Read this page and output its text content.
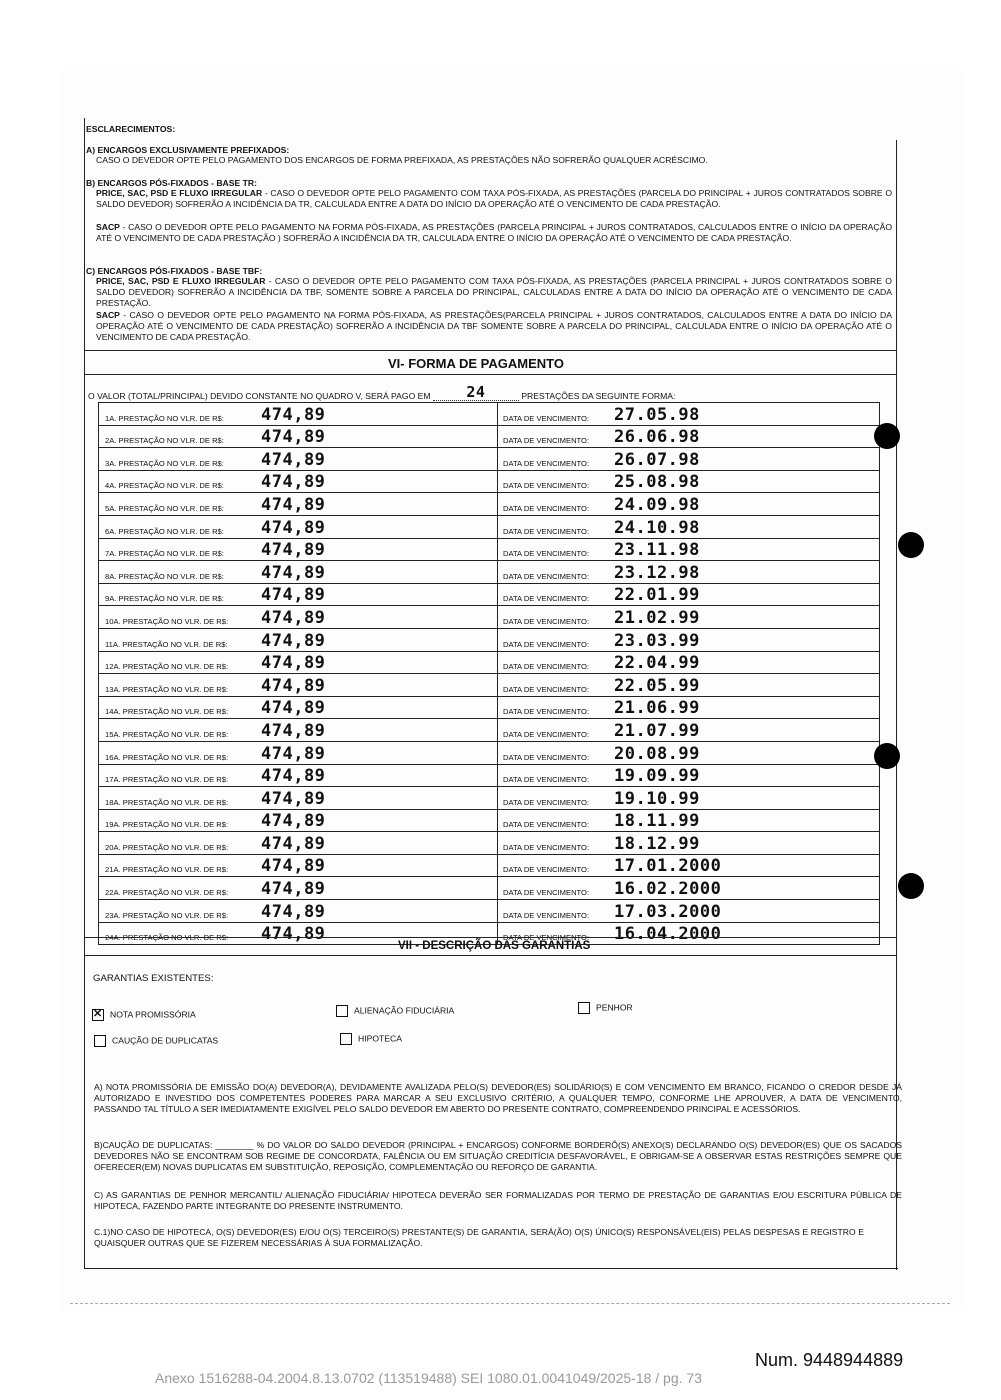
ESCLARECIMENTOS:
A) ENCARGOS EXCLUSIVAMENTE PREFIXADOS:
CASO O DEVEDOR OPTE PELO PAGAMENTO DOS ENCARGOS DE FORMA PREFIXADA, AS PRESTAÇÕES NÃO SOFRERÃO QUALQUER ACRÉSCIMO.
B) ENCARGOS PÓS-FIXADOS - BASE TR:
PRICE, SAC, PSD E FLUXO IRREGULAR - CASO O DEVEDOR OPTE PELO PAGAMENTO COM TAXA PÓS-FIXADA, AS PRESTAÇÕES (PARCELA DO PRINCIPAL + JUROS CONTRATADOS SOBRE O SALDO DEVEDOR) SOFRERÃO A INCIDÊNCIA DA TR, CALCULADA ENTRE A DATA DO INÍCIO DA OPERAÇÃO ATÉ O VENCIMENTO DE CADA PRESTAÇÃO.
SACP - CASO O DEVEDOR OPTE PELO PAGAMENTO NA FORMA PÓS-FIXADA, AS PRESTAÇÕES (PARCELA PRINCIPAL + JUROS CONTRATADOS, CALCULADOS ENTRE O INÍCIO DA OPERAÇÃO ATÉ O VENCIMENTO DE CADA PRESTAÇÃO ) SOFRERÃO A INCIDÊNCIA DA TR, CALCULADA ENTRE O INÍCIO DA OPERAÇÃO ATÉ O VENCIMENTO DE CADA PRESTAÇÃO.
C) ENCARGOS PÓS-FIXADOS - BASE TBF:
PRICE, SAC, PSD E FLUXO IRREGULAR - CASO O DEVEDOR OPTE PELO PAGAMENTO COM TAXA PÓS-FIXADA, AS PRESTAÇÕES (PARCELA PRINCIPAL + JUROS CONTRATADOS SOBRE O SALDO DEVEDOR) SOFRERÃO A INCIDÊNCIA DA TBF, SOMENTE SOBRE A PARCELA DO PRINCIPAL, CALCULADAS ENTRE A DATA DO INÍCIO DA OPERAÇÃO ATÉ O VENCIMENTO DE CADA PRESTAÇÃO.
SACP - CASO O DEVEDOR OPTE PELO PAGAMENTO NA FORMA PÓS-FIXADA, AS PRESTAÇÕES(PARCELA PRINCIPAL + JUROS CONTRATADOS, CALCULADOS ENTRE A DATA DO INÍCIO DA OPERAÇÃO ATÉ O VENCIMENTO DE CADA PRESTAÇÃO) SOFRERÃO A INCIDÊNCIA DA TBF SOMENTE SOBRE A PARCELA DO PRINCIPAL, CALCULADA ENTRE O INÍCIO DA OPERAÇÃO ATÉ O VENCIMENTO DE CADA PRESTAÇÃO.
VI- FORMA DE PAGAMENTO
O VALOR (TOTAL/PRINCIPAL) DEVIDO CONSTANTE NO QUADRO V, SERÁ PAGO EM 24	PRESTAÇÕES DA SEGUINTE FORMA:
1A. PRESTAÇÃO NO VLR. DE R$: 474,89	DATA DE VENCIMENTO: 27.05.98
2A. PRESTAÇÃO NO VLR. DE R$: 474,89	DATA DE VENCIMENTO: 26.06.98
3A. PRESTAÇÃO NO VLR. DE R$: 474,89	DATA DE VENCIMENTO: 26.07.98
4A. PRESTAÇÃO NO VLR. DE R$: 474,89	DATA DE VENCIMENTO: 25.08.98
5A. PRESTAÇÃO NO VLR. DE R$: 474,89	DATA DE VENCIMENTO: 24.09.98
6A. PRESTAÇÃO NO VLR. DE R$: 474,89	DATA DE VENCIMENTO: 24.10.98
7A. PRESTAÇÃO NO VLR. DE R$: 474,89	DATA DE VENCIMENTO: 23.11.98
8A. PRESTAÇÃO NO VLR. DE R$: 474,89	DATA DE VENCIMENTO: 23.12.98
9A. PRESTAÇÃO NO VLR. DE R$: 474,89	DATA DE VENCIMENTO: 22.01.99
10A. PRESTAÇÃO NO VLR. DE R$: 474,89	DATA DE VENCIMENTO: 21.02.99
11A. PRESTAÇÃO NO VLR. DE R$: 474,89	DATA DE VENCIMENTO: 23.03.99
12A. PRESTAÇÃO NO VLR. DE R$: 474,89	DATA DE VENCIMENTO: 22.04.99
13A. PRESTAÇÃO NO VLR. DE R$: 474,89	DATA DE VENCIMENTO: 22.05.99
14A. PRESTAÇÃO NO VLR. DE R$: 474,89	DATA DE VENCIMENTO: 21.06.99
15A. PRESTAÇÃO NO VLR. DE R$: 474,89	DATA DE VENCIMENTO: 21.07.99
16A. PRESTAÇÃO NO VLR. DE R$: 474,89	DATA DE VENCIMENTO: 20.08.99
17A. PRESTAÇÃO NO VLR. DE R$: 474,89	DATA DE VENCIMENTO: 19.09.99
18A. PRESTAÇÃO NO VLR. DE R$: 474,89	DATA DE VENCIMENTO: 19.10.99
19A. PRESTAÇÃO NO VLR. DE R$: 474,89	DATA DE VENCIMENTO: 18.11.99
20A. PRESTAÇÃO NO VLR. DE R$: 474,89	DATA DE VENCIMENTO: 18.12.99
21A. PRESTAÇÃO NO VLR. DE R$: 474,89	DATA DE VENCIMENTO: 17.01.2000
22A. PRESTAÇÃO NO VLR. DE R$: 474,89	DATA DE VENCIMENTO: 16.02.2000
23A. PRESTAÇÃO NO VLR. DE R$: 474,89	DATA DE VENCIMENTO: 17.03.2000
24A. PRESTAÇÃO NO VLR. DE R$: 474,89	DATA DE VENCIMENTO: 16.04.2000
VII - DESCRIÇÃO DAS GARANTIAS
GARANTIAS EXISTENTES:
✕NOTA PROMISSÓRIA	ALIENAÇÃO FIDUCIÁRIA	PENHOR
CAUÇÃO DE DUPLICATAS	HIPOTECA
A) NOTA PROMISSÓRIA DE EMISSÃO DO(A) DEVEDOR(A), DEVIDAMENTE AVALIZADA PELO(S) DEVEDOR(ES) SOLIDÁRIO(S) E COM VENCIMENTO EM BRANCO, FICANDO O CREDOR DESDE JÁ AUTORIZADO E INVESTIDO DOS COMPETENTES PODERES PARA MARCAR A SEU EXCLUSIVO CRITÉRIO, A QUALQUER TEMPO, CONFORME LHE APROUVER, A DATA DE VENCIMENTO, PASSANDO TAL TÍTULO A SER IMEDIATAMENTE EXIGÍVEL PELO SALDO DEVEDOR EM ABERTO DO PRESENTE CONTRATO, COMPREENDENDO PRINCIPAL E ACESSÓRIOS.
B)CAUÇÃO DE DUPLICATAS: ________ % DO VALOR DO SALDO DEVEDOR (PRINCIPAL + ENCARGOS) CONFORME BORDERÔ(S) ANEXO(S) DECLARANDO O(S) DEVEDOR(ES) QUE OS SACADOS DEVEDORES NÃO SE ENCONTRAM SOB REGIME DE CONCORDATA, FALÊNCIA OU EM SITUAÇÃO CREDITÍCIA DESFAVORÁVEL, E OBRIGAM-SE A OBSERVAR ESTAS RESTRIÇÕES SEMPRE QUE OFERECER(EM) NOVAS DUPLICATAS EM SUBSTITUIÇÃO, REPOSIÇÃO, COMPLEMENTAÇÃO OU REFORÇO DE GARANTIA.
C) AS GARANTIAS DE PENHOR MERCANTIL/ ALIENAÇÃO FIDUCIÁRIA/ HIPOTECA DEVERÃO SER FORMALIZADAS POR TERMO DE PRESTAÇÃO DE GARANTIAS E/OU ESCRITURA PÚBLICA DE HIPOTECA, FAZENDO PARTE INTEGRANTE DO PRESENTE INSTRUMENTO.
C.1)NO CASO DE HIPOTECA, O(S) DEVEDOR(ES) E/OU O(S) TERCEIRO(S) PRESTANTE(S) DE GARANTIA, SERÁ(ÃO) O(S) ÚNICO(S) RESPONSÁVEL(EIS) PELAS DESPESAS E REGISTRO E QUAISQUER OUTRAS QUE SE FIZEREM NECESSÁRIAS À SUA FORMALIZAÇÃO.
Num. 9448944889
Anexo 1516288-04.2004.8.13.0702 (113519488) SEI 1080.01.0041049/2025-18 / pg. 73
